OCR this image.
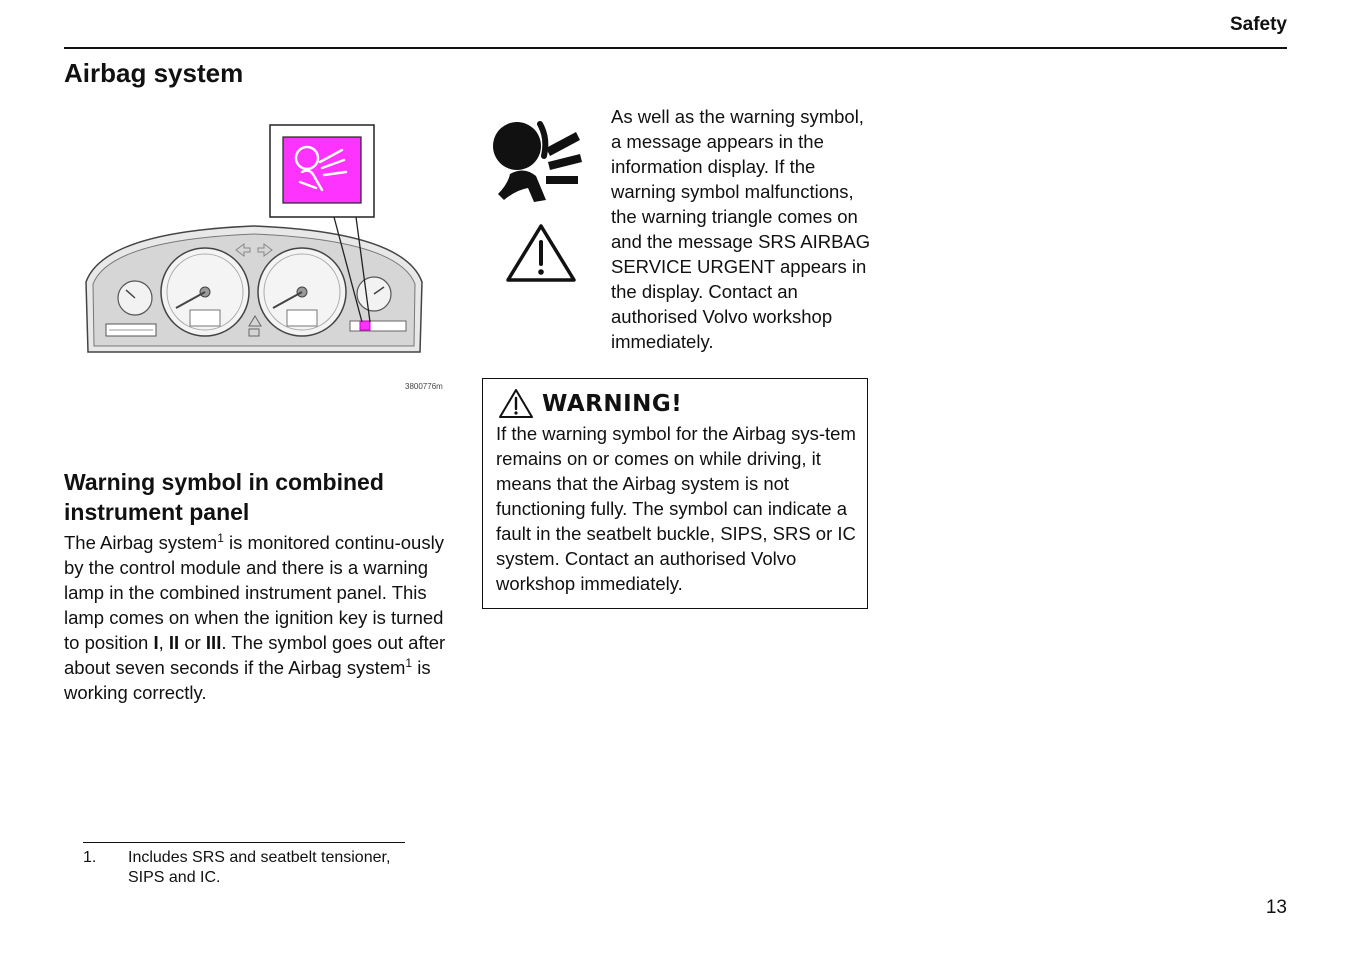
Safety
Airbag system
3800776m
Warning symbol in combined instrument panel
The Airbag system$^1$ is monitored continu-ously by the control module and there is a warning lamp in the combined instrument panel. This lamp comes on when the ignition key is turned to position I, II or III. The symbol goes out after about seven seconds if the Airbag system$^1$ is working correctly.
As well as the warning symbol, a message appears in the information display. If the warning symbol malfunctions, the warning triangle comes on and the message SRS AIRBAG SERVICE URGENT appears in the display. Contact an authorised Volvo workshop immediately.
WARNING!
If the warning symbol for the Airbag sys-tem remains on or comes on while driving, it means that the Airbag system is not functioning fully. The symbol can indicate a fault in the seatbelt buckle, SIPS, SRS or IC system. Contact an authorised Volvo workshop immediately.
1.	Includes SRS and seatbelt tensioner, SIPS and IC.
13
